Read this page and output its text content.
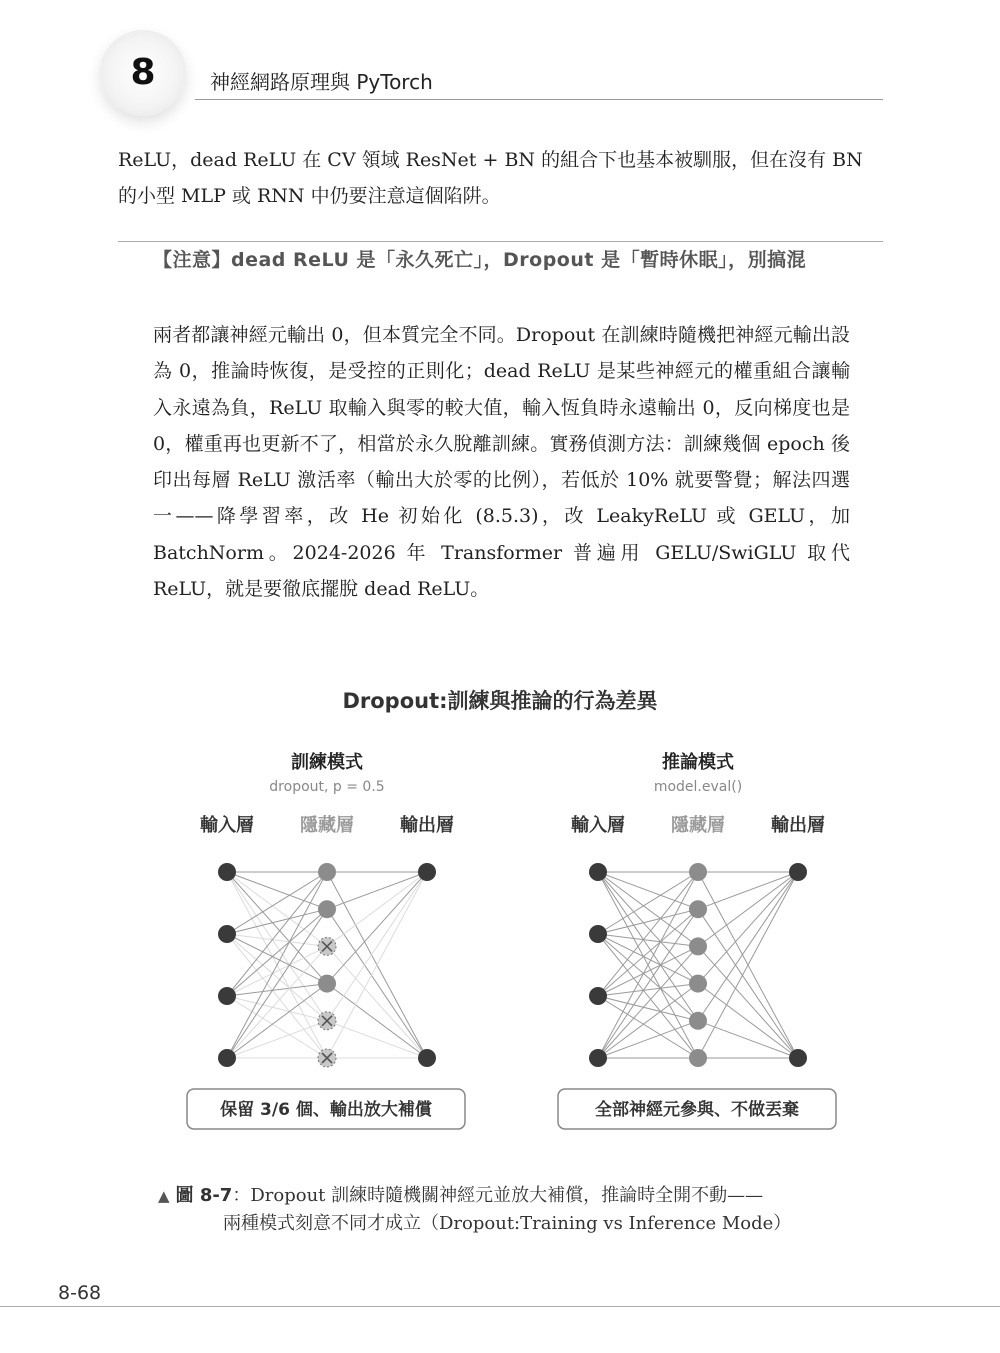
8	神經網路原理與 PyTorch

ReLU，dead ReLU 在 CV 領域 ResNet + BN 的組合下也基本被馴服，但在沒有 BN 的小型 MLP 或 RNN 中仍要注意這個陷阱。

【注意】dead ReLU 是「永久死亡」，Dropout 是「暫時休眠」，別搞混

兩者都讓神經元輸出 0，但本質完全不同。Dropout 在訓練時隨機把神經元輸出設為 0，推論時恢復，是受控的正則化；dead ReLU 是某些神經元的權重組合讓輸入永遠為負，ReLU 取輸入與零的較大值，輸入恆負時永遠輸出 0，反向梯度也是 0，權重再也更新不了，相當於永久脫離訓練。實務偵測方法：訓練幾個 epoch 後印出每層 ReLU 激活率（輸出大於零的比例），若低於 10% 就要警覺；解法四選一——降學習率，改 He 初始化 (8.5.3)，改 LeakyReLU 或 GELU，加 BatchNorm。2024-2026 年 Transformer 普遍用 GELU/SwiGLU 取代 ReLU，就是要徹底擺脫 dead ReLU。

Dropout:訓練與推論的行為差異
訓練模式
dropout, p = 0.5
輸入層	隱藏層	輸出層
保留 3/6 個、輸出放大補償
推論模式
model.eval()
輸入層	隱藏層	輸出層
全部神經元參與、不做丟棄
▲ 圖 8-7：Dropout 訓練時隨機關神經元並放大補償，推論時全開不動——
兩種模式刻意不同才成立（Dropout:Training vs Inference Mode）
8-68
